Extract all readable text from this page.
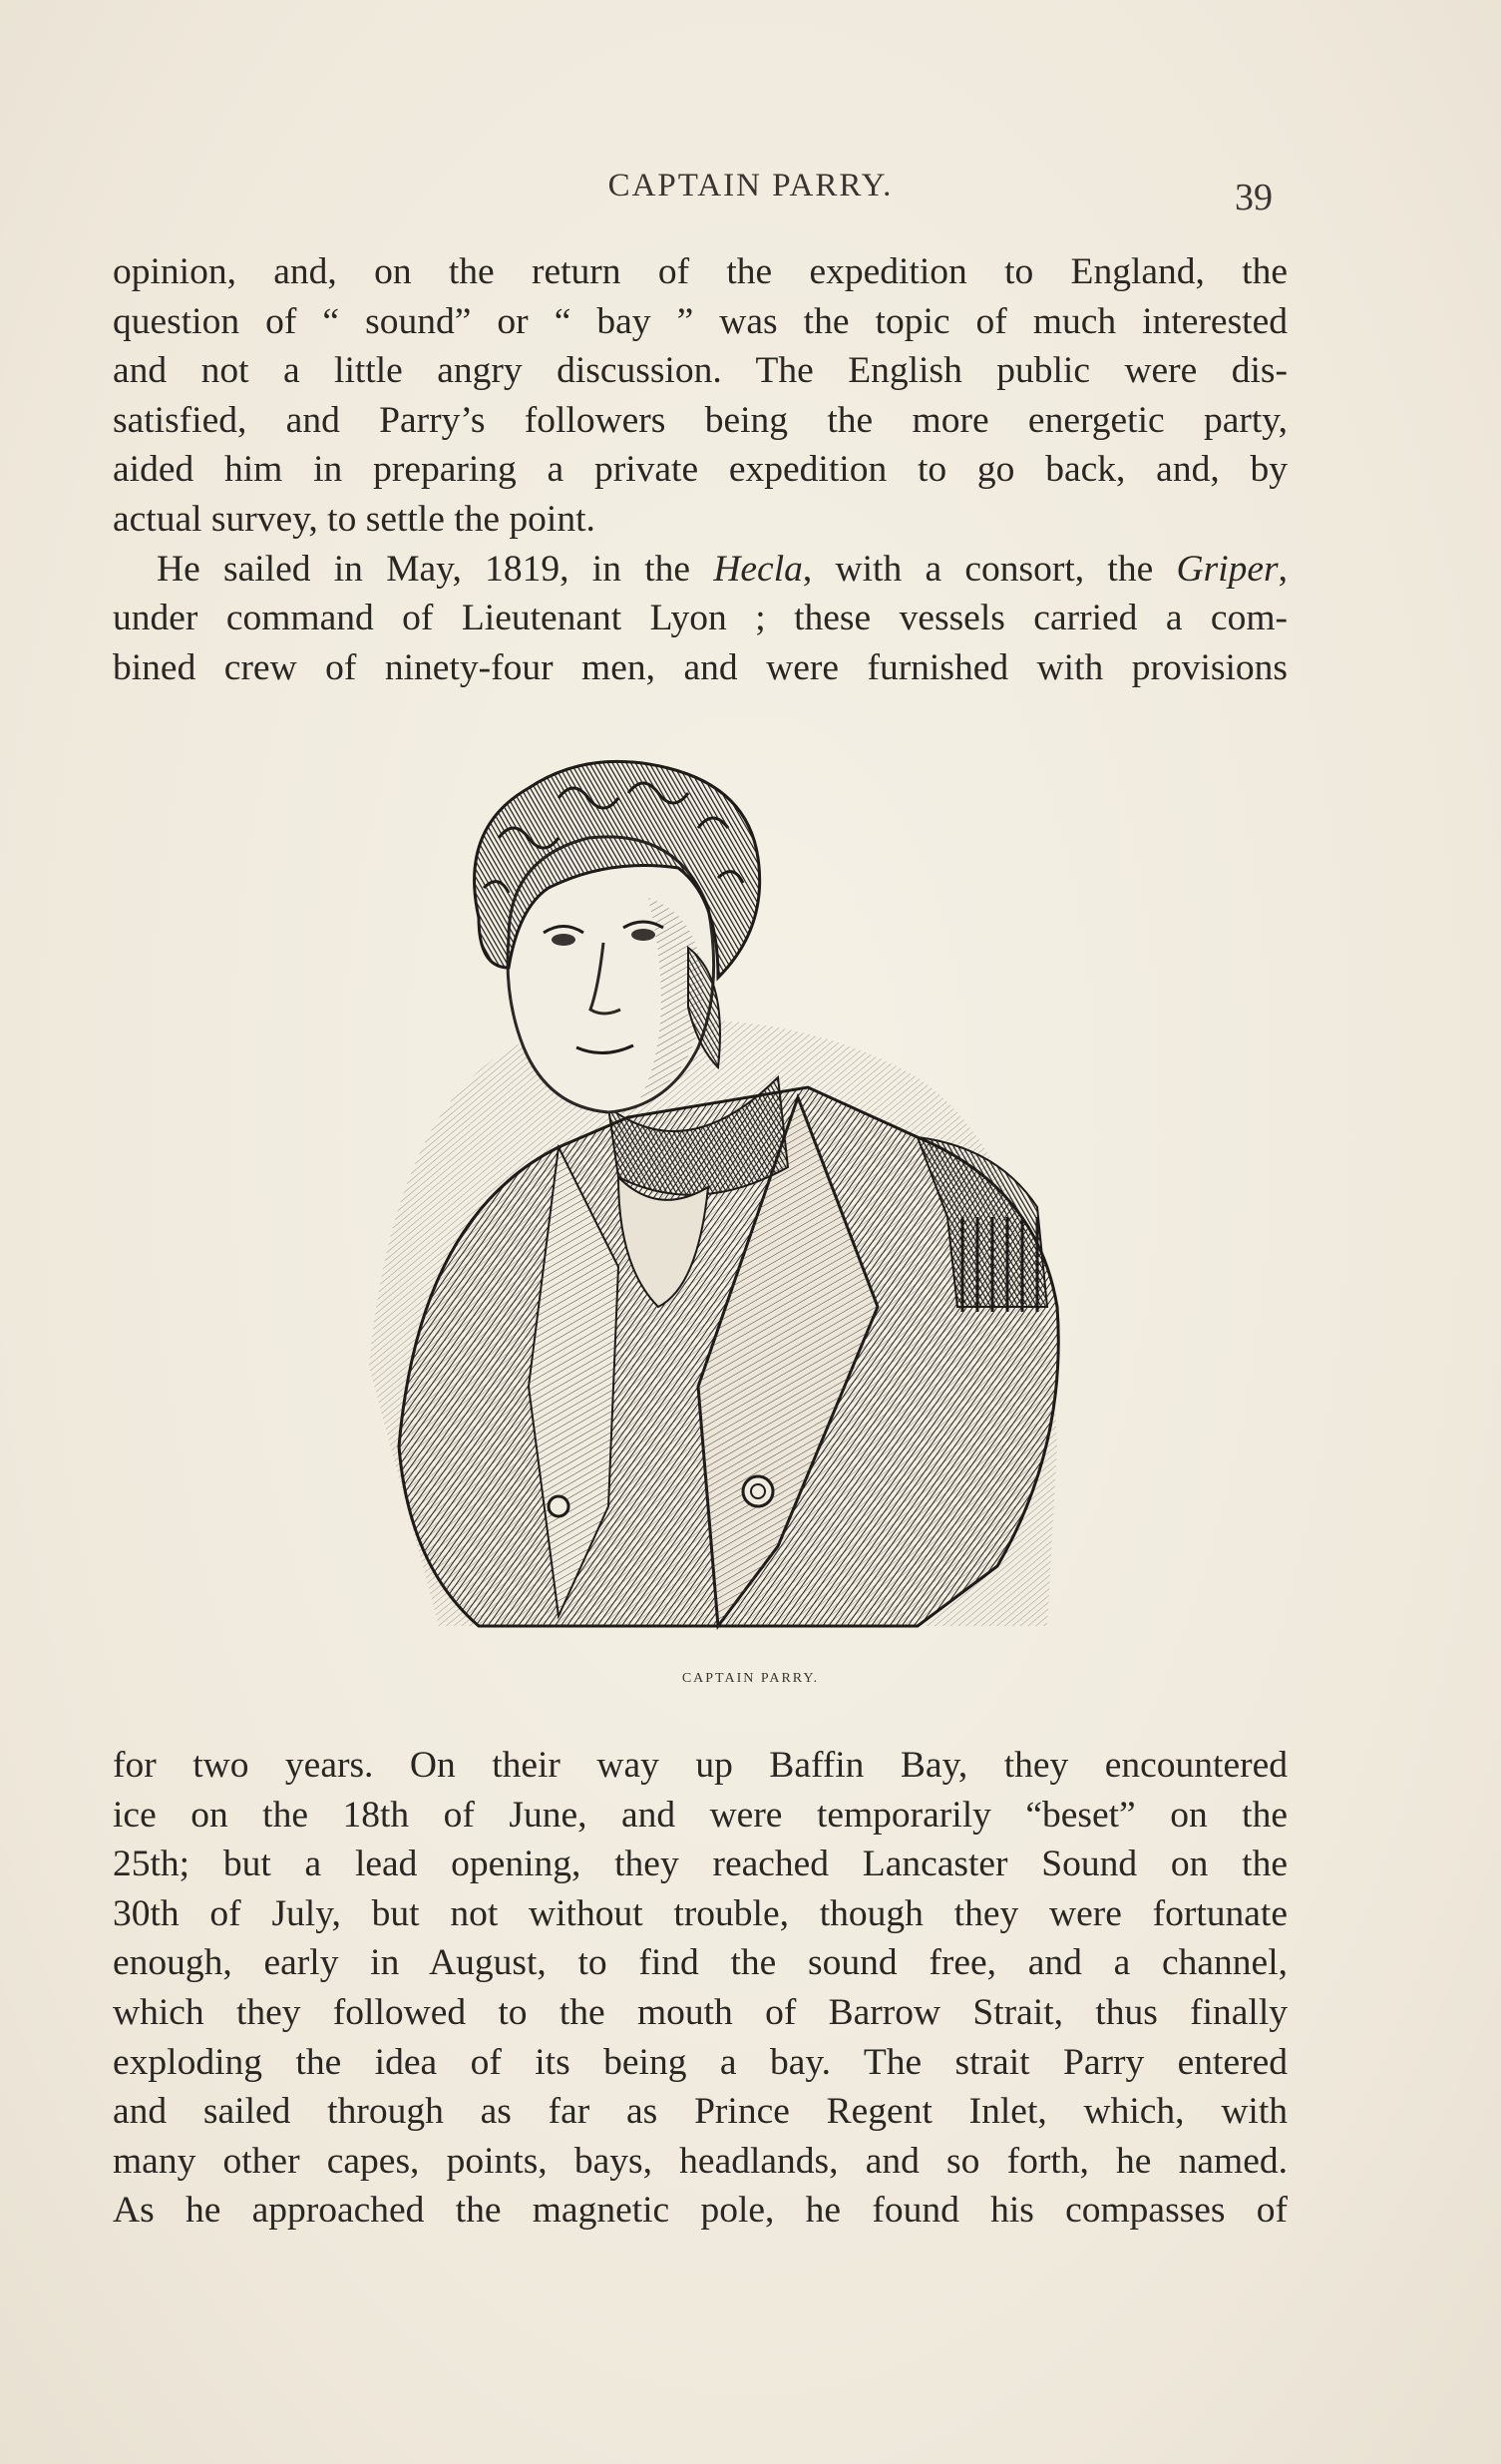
CAPTAIN PARRY.	39
opinion, and, on the return of the expedition to England, the
question of “ sound” or “ bay ” was the topic of much interested
and not a little angry discussion. The English public were dis-
satisfied, and Parry’s followers being the more energetic party,
aided him in preparing a private expedition to go back, and, by
actual survey, to settle the point.
He sailed in May, 1819, in the Hecla, with a consort, the Griper,
under command of Lieutenant Lyon ; these vessels carried a com-
bined crew of ninety-four men, and were furnished with provisions
CAPTAIN PARRY.
for two years. On their way up Baffin Bay, they encountered
ice on the 18th of June, and were temporarily “beset” on the
25th; but a lead opening, they reached Lancaster Sound on the
30th of July, but not without trouble, though they were fortunate
enough, early in August, to find the sound free, and a channel,
which they followed to the mouth of Barrow Strait, thus finally
exploding the idea of its being a bay. The strait Parry entered
and sailed through as far as Prince Regent Inlet, which, with
many other capes, points, bays, headlands, and so forth, he named.
As he approached the magnetic pole, he found his compasses of
